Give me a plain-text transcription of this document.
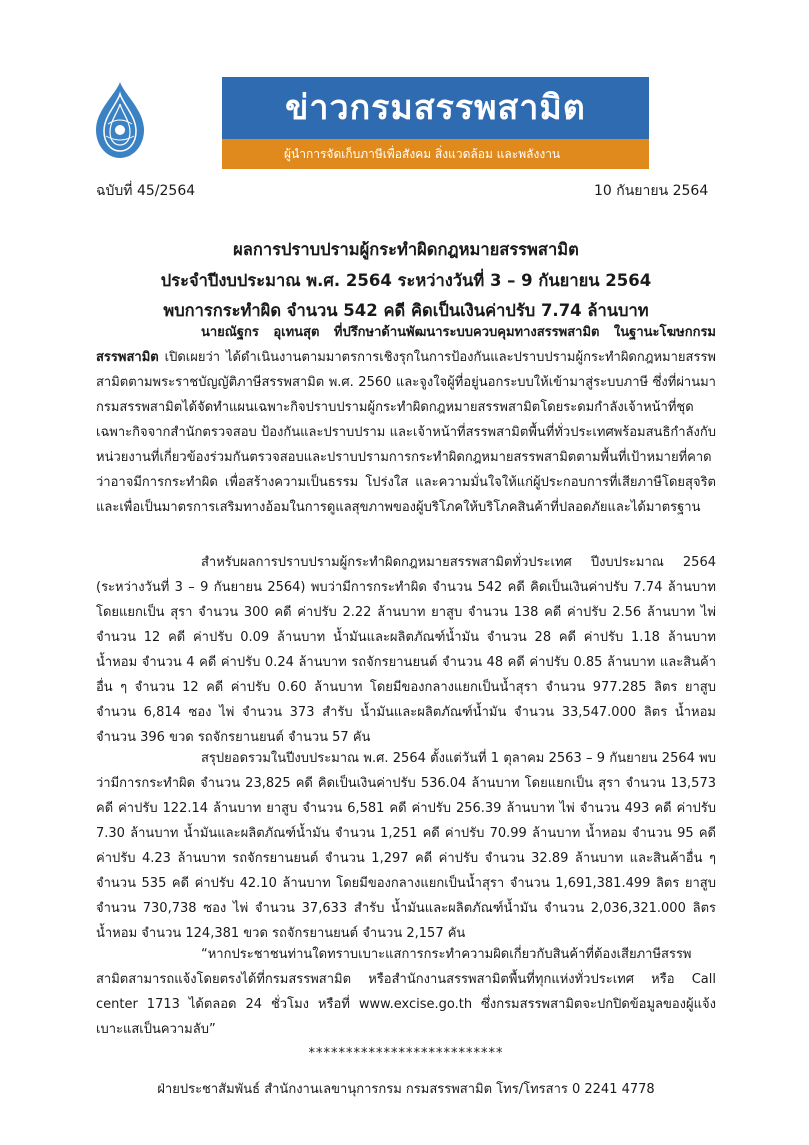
ข่าวกรมสรรพสามิต
ผู้นำการจัดเก็บภาษีเพื่อสังคม สิ่งแวดล้อม และพลังงาน
ฉบับที่ 45/2564	10 กันยายน 2564
ผลการปราบปรามผู้กระทำผิดกฎหมายสรรพสามิต
ประจำปีงบประมาณ พ.ศ. 2564 ระหว่างวันที่ 3 – 9 กันยายน 2564
พบการกระทำผิด จำนวน 542 คดี คิดเป็นเงินค่าปรับ 7.74 ล้านบาท
นายณัฐกร อุเทนสุต ที่ปรึกษาด้านพัฒนาระบบควบคุมทางสรรพสามิต ในฐานะโฆษกกรมสรรพสามิต เปิดเผยว่า ได้ดำเนินงานตามมาตรการเชิงรุกในการป้องกันและปราบปรามผู้กระทำผิดกฎหมายสรรพสามิตตามพระราชบัญญัติภาษีสรรพสามิต พ.ศ. 2560 และจูงใจผู้ที่อยู่นอกระบบให้เข้ามาสู่ระบบภาษี ซึ่งที่ผ่านมา กรมสรรพสามิตได้จัดทำแผนเฉพาะกิจปราบปรามผู้กระทำผิดกฎหมายสรรพสามิตโดยระดมกำลังเจ้าหน้าที่ชุดเฉพาะกิจจากสำนักตรวจสอบ ป้องกันและปราบปราม และเจ้าหน้าที่สรรพสามิตพื้นที่ทั่วประเทศพร้อมสนธิกำลังกับหน่วยงานที่เกี่ยวข้องร่วมกันตรวจสอบและปราบปรามการกระทำผิดกฎหมายสรรพสามิตตามพื้นที่เป้าหมายที่คาดว่าอาจมีการกระทำผิด เพื่อสร้างความเป็นธรรม โปร่งใส และความมั่นใจให้แก่ผู้ประกอบการที่เสียภาษีโดยสุจริต และเพื่อเป็นมาตรการเสริมทางอ้อมในการดูแลสุขภาพของผู้บริโภคให้บริโภคสินค้าที่ปลอดภัยและได้มาตรฐาน
สำหรับผลการปราบปรามผู้กระทำผิดกฎหมายสรรพสามิตทั่วประเทศ ปีงบประมาณ 2564 (ระหว่างวันที่ 3 – 9 กันยายน 2564) พบว่ามีการกระทำผิด จำนวน 542 คดี คิดเป็นเงินค่าปรับ 7.74 ล้านบาท โดยแยกเป็น สุรา จำนวน 300 คดี ค่าปรับ 2.22 ล้านบาท ยาสูบ จำนวน 138 คดี ค่าปรับ 2.56 ล้านบาท ไพ่ จำนวน 12 คดี ค่าปรับ 0.09 ล้านบาท น้ำมันและผลิตภัณฑ์น้ำมัน จำนวน 28 คดี ค่าปรับ 1.18 ล้านบาท น้ำหอม จำนวน 4 คดี ค่าปรับ 0.24 ล้านบาท รถจักรยานยนต์ จำนวน 48 คดี ค่าปรับ 0.85 ล้านบาท และสินค้าอื่น ๆ จำนวน 12 คดี ค่าปรับ 0.60 ล้านบาท โดยมีของกลางแยกเป็นน้ำสุรา จำนวน 977.285 ลิตร ยาสูบ จำนวน 6,814 ซอง ไพ่ จำนวน 373 สำรับ น้ำมันและผลิตภัณฑ์น้ำมัน จำนวน 33,547.000 ลิตร น้ำหอม จำนวน 396 ขวด รถจักรยานยนต์ จำนวน 57 คัน
สรุปยอดรวมในปีงบประมาณ พ.ศ. 2564 ตั้งแต่วันที่ 1 ตุลาคม 2563 – 9 กันยายน 2564 พบว่ามีการกระทำผิด จำนวน 23,825 คดี คิดเป็นเงินค่าปรับ 536.04 ล้านบาท โดยแยกเป็น สุรา จำนวน 13,573 คดี ค่าปรับ 122.14 ล้านบาท ยาสูบ จำนวน 6,581 คดี ค่าปรับ 256.39 ล้านบาท ไพ่ จำนวน 493 คดี ค่าปรับ 7.30 ล้านบาท น้ำมันและผลิตภัณฑ์น้ำมัน จำนวน 1,251 คดี ค่าปรับ 70.99 ล้านบาท น้ำหอม จำนวน 95 คดี ค่าปรับ 4.23 ล้านบาท รถจักรยานยนต์ จำนวน 1,297 คดี ค่าปรับ จำนวน 32.89 ล้านบาท และสินค้าอื่น ๆ จำนวน 535 คดี ค่าปรับ 42.10 ล้านบาท โดยมีของกลางแยกเป็นน้ำสุรา จำนวน 1,691,381.499 ลิตร ยาสูบ จำนวน 730,738 ซอง ไพ่ จำนวน 37,633 สำรับ น้ำมันและผลิตภัณฑ์น้ำมัน จำนวน 2,036,321.000 ลิตร น้ำหอม จำนวน 124,381 ขวด รถจักรยานยนต์ จำนวน 2,157 คัน
“หากประชาชนท่านใดทราบเบาะแสการกระทำความผิดเกี่ยวกับสินค้าที่ต้องเสียภาษีสรรพสามิตสามารถแจ้งโดยตรงได้ที่กรมสรรพสามิต หรือสำนักงานสรรพสามิตพื้นที่ทุกแห่งทั่วประเทศ หรือ Call center 1713 ได้ตลอด 24 ชั่วโมง หรือที่ www.excise.go.th ซึ่งกรมสรรพสามิตจะปกปิดข้อมูลของผู้แจ้งเบาะแสเป็นความลับ”
**************************
ฝ่ายประชาสัมพันธ์ สำนักงานเลขานุการกรม กรมสรรพสามิต โทร/โทรสาร 0 2241 4778
